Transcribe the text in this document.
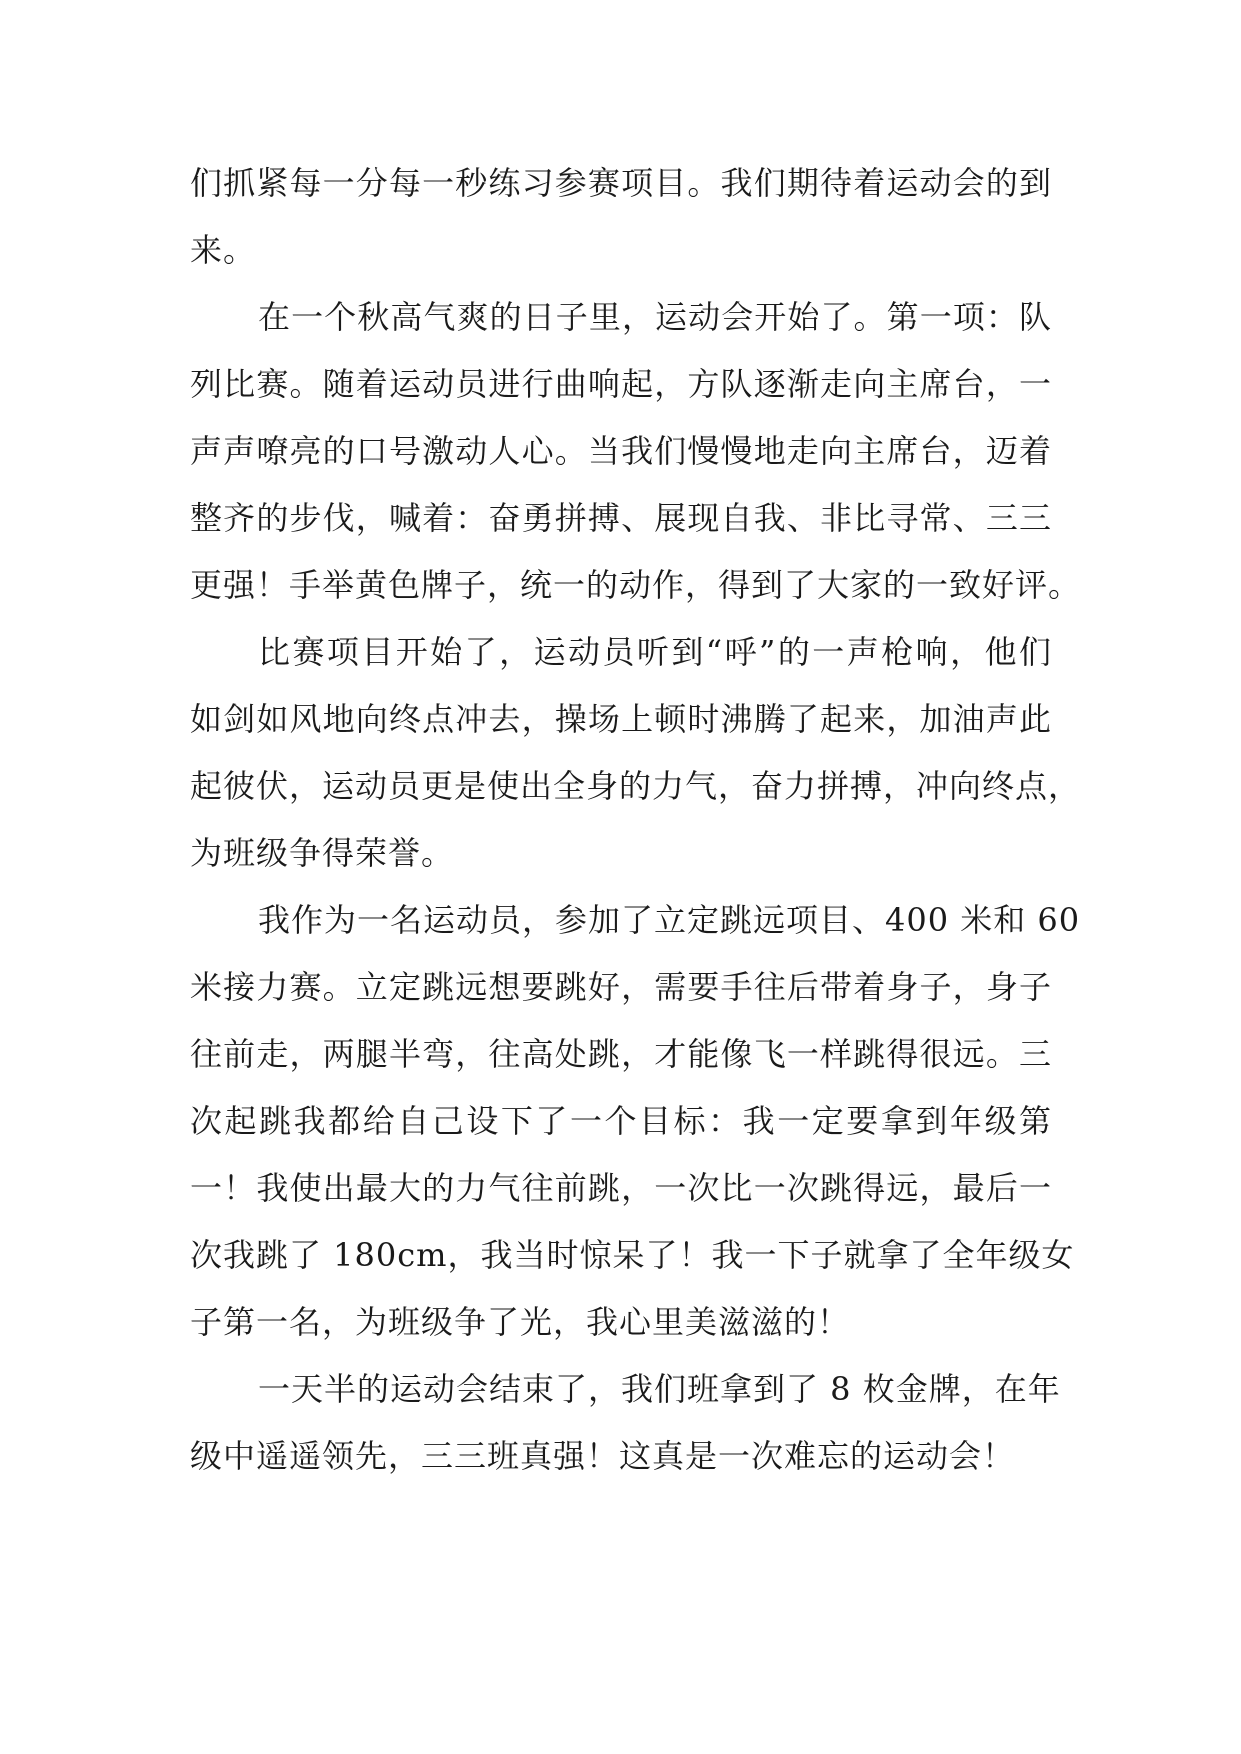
们抓紧每一分每一秒练习参赛项目。我们期待着运动会的到
来。
在一个秋高气爽的日子里，运动会开始了。第一项：队
列比赛。随着运动员进行曲响起，方队逐渐走向主席台，一
声声嘹亮的口号激动人心。当我们慢慢地走向主席台，迈着
整齐的步伐，喊着：奋勇拼搏、展现自我、非比寻常、三三
更强！手举黄色牌子，统一的动作，得到了大家的一致好评。
比赛项目开始了，运动员听到“呼”的一声枪响，他们
如剑如风地向终点冲去，操场上顿时沸腾了起来，加油声此
起彼伏，运动员更是使出全身的力气，奋力拼搏，冲向终点，
为班级争得荣誉。
我作为一名运动员，参加了立定跳远项目、400 米和 60
米接力赛。立定跳远想要跳好，需要手往后带着身子，身子
往前走，两腿半弯，往高处跳，才能像飞一样跳得很远。三
次起跳我都给自己设下了一个目标：我一定要拿到年级第
一！我使出最大的力气往前跳，一次比一次跳得远，最后一
次我跳了 180cm，我当时惊呆了！我一下子就拿了全年级女
子第一名，为班级争了光，我心里美滋滋的！
一天半的运动会结束了，我们班拿到了 8 枚金牌，在年
级中遥遥领先，三三班真强！这真是一次难忘的运动会！
